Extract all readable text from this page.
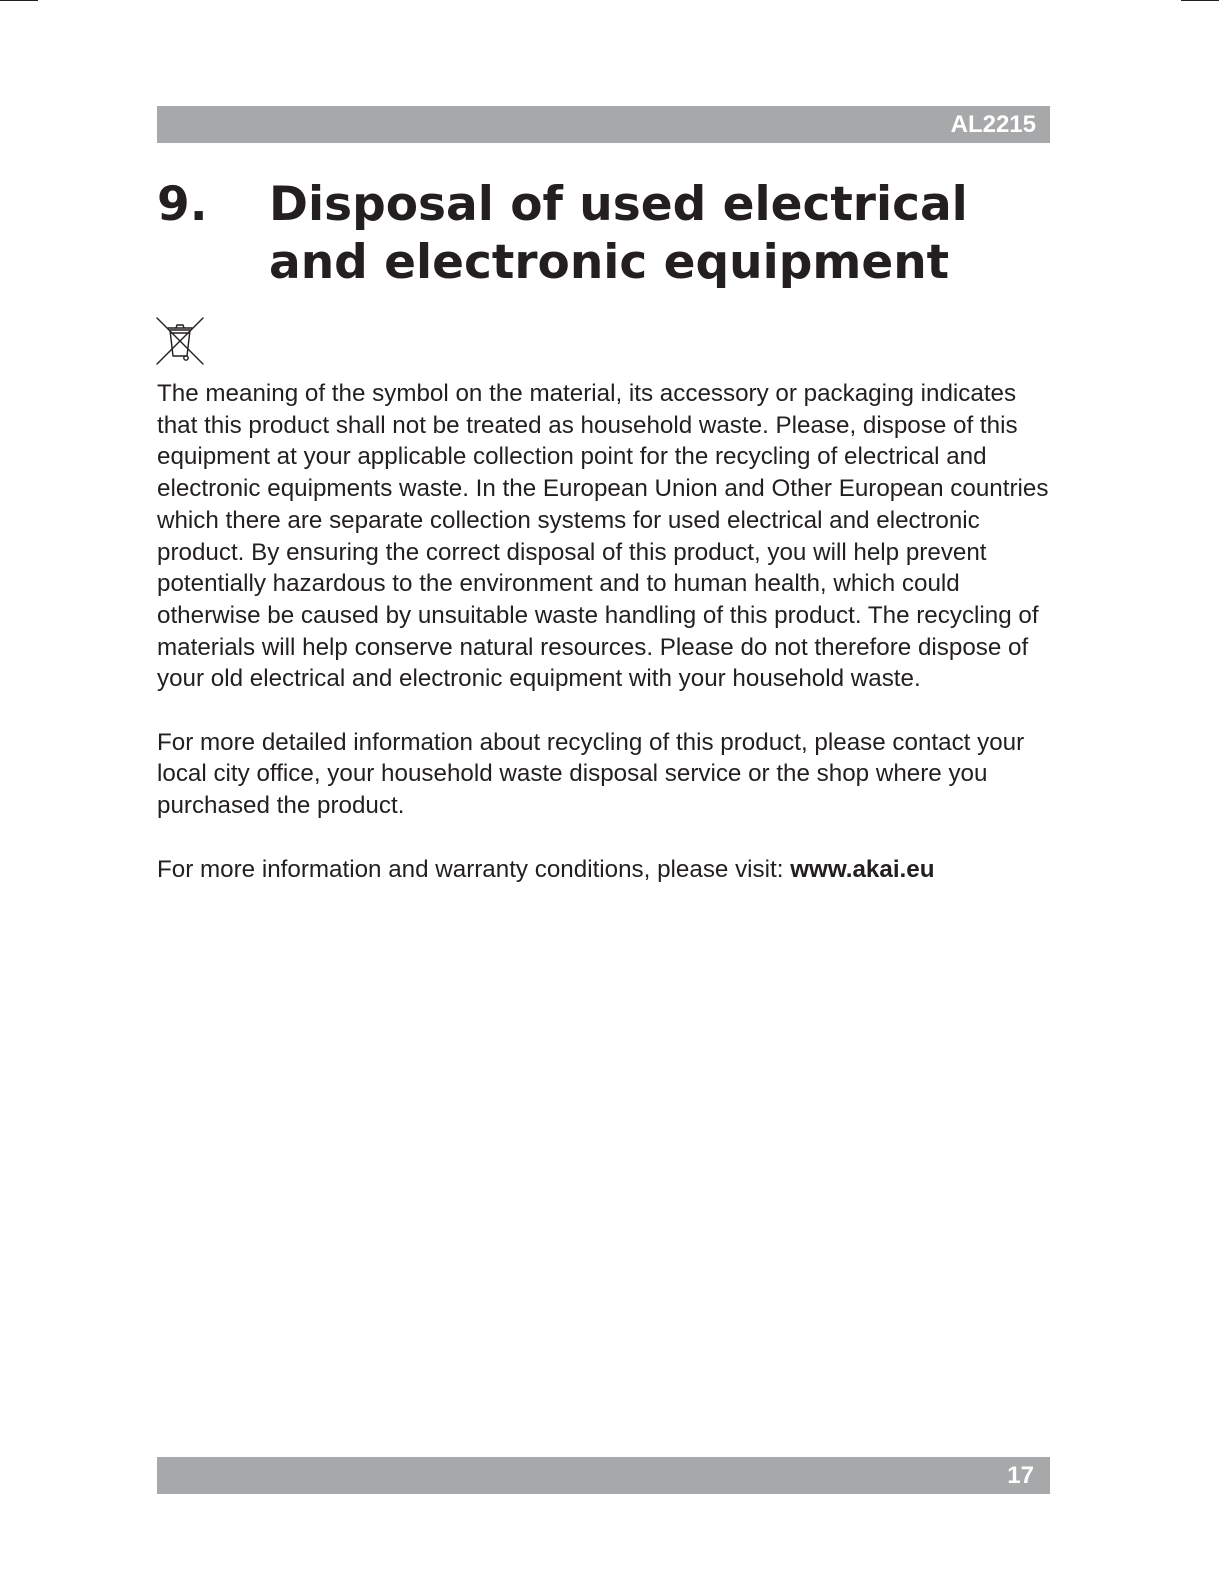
AL2215
9. Disposal of used electrical and electronic equipment

The meaning of the symbol on the material, its accessory or packaging indicates that this product shall not be treated as household waste. Please, dispose of this equipment at your applicable collection point for the recycling of electrical and electronic equipments waste. In the European Union and Other European countries which there are separate collection systems for used electrical and electronic product. By ensuring the correct disposal of this product, you will help prevent potentially hazardous to the environment and to human health, which could otherwise be caused by unsuitable waste handling of this product. The recycling of materials will help conserve natural resources. Please do not therefore dispose of your old electrical and electronic equipment with your household waste.

For more detailed information about recycling of this product, please contact your local city office, your household waste disposal service or the shop where you purchased the product.

For more information and warranty conditions, please visit: www.akai.eu

17
